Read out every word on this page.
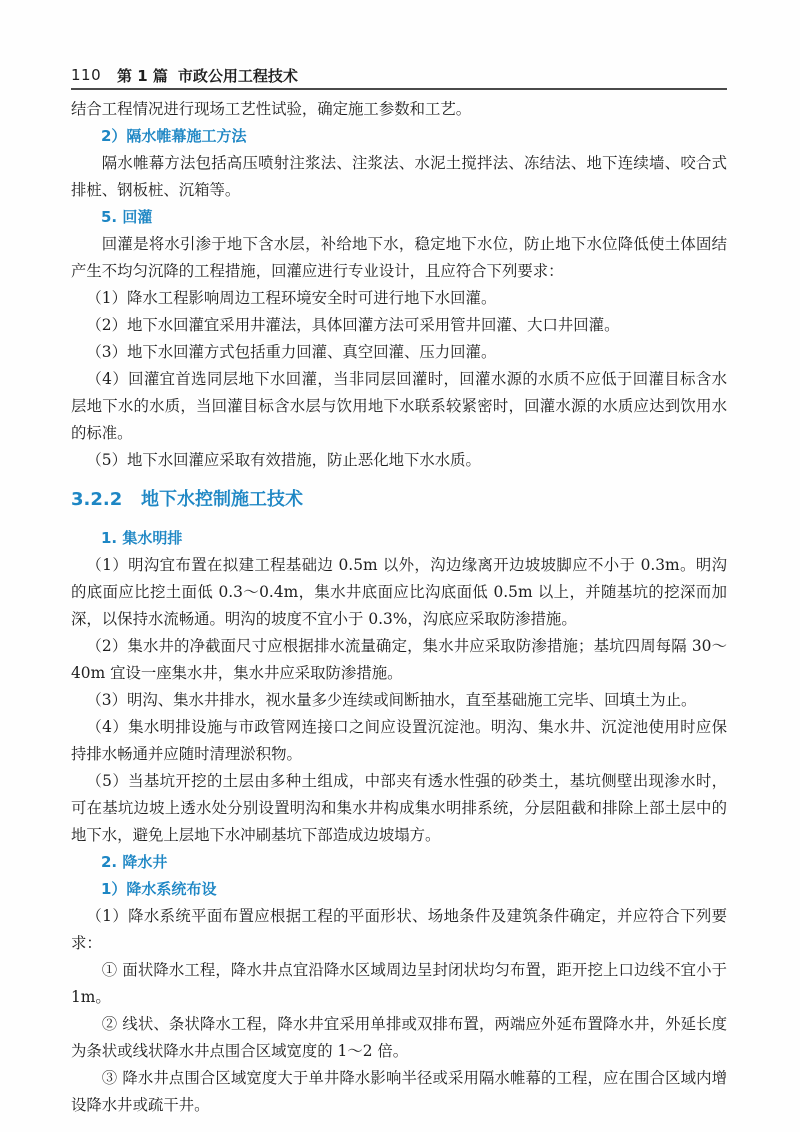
110	第 1 篇 市政公用工程技术

结合工程情况进行现场工艺性试验，确定施工参数和工艺。

2）隔水帷幕施工方法

隔水帷幕方法包括高压喷射注浆法、注浆法、水泥土搅拌法、冻结法、地下连续墙、咬合式排桩、钢板桩、沉箱等。

5. 回灌

回灌是将水引渗于地下含水层，补给地下水，稳定地下水位，防止地下水位降低使土体固结产生不均匀沉降的工程措施，回灌应进行专业设计，且应符合下列要求：

（1）降水工程影响周边工程环境安全时可进行地下水回灌。

（2）地下水回灌宜采用井灌法，具体回灌方法可采用管井回灌、大口井回灌。

（3）地下水回灌方式包括重力回灌、真空回灌、压力回灌。

（4）回灌宜首选同层地下水回灌，当非同层回灌时，回灌水源的水质不应低于回灌目标含水层地下水的水质，当回灌目标含水层与饮用地下水联系较紧密时，回灌水源的水质应达到饮用水的标准。

（5）地下水回灌应采取有效措施，防止恶化地下水水质。

3.2.2 地下水控制施工技术

1. 集水明排

（1）明沟宜布置在拟建工程基础边 0.5m 以外，沟边缘离开边坡坡脚应不小于 0.3m。明沟的底面应比挖土面低 0.3～0.4m，集水井底面应比沟底面低 0.5m 以上，并随基坑的挖深而加深，以保持水流畅通。明沟的坡度不宜小于 0.3%，沟底应采取防渗措施。

（2）集水井的净截面尺寸应根据排水流量确定，集水井应采取防渗措施；基坑四周每隔 30～40m 宜设一座集水井，集水井应采取防渗措施。

（3）明沟、集水井排水，视水量多少连续或间断抽水，直至基础施工完毕、回填土为止。

（4）集水明排设施与市政管网连接口之间应设置沉淀池。明沟、集水井、沉淀池使用时应保持排水畅通并应随时清理淤积物。

（5）当基坑开挖的土层由多种土组成，中部夹有透水性强的砂类土，基坑侧壁出现渗水时，可在基坑边坡上透水处分别设置明沟和集水井构成集水明排系统，分层阻截和排除上部土层中的地下水，避免上层地下水冲刷基坑下部造成边坡塌方。

2. 降水井

1）降水系统布设

（1）降水系统平面布置应根据工程的平面形状、场地条件及建筑条件确定，并应符合下列要求：

① 面状降水工程，降水井点宜沿降水区域周边呈封闭状均匀布置，距开挖上口边线不宜小于 1m。

② 线状、条状降水工程，降水井宜采用单排或双排布置，两端应外延布置降水井，外延长度为条状或线状降水井点围合区域宽度的 1～2 倍。

③ 降水井点围合区域宽度大于单井降水影响半径或采用隔水帷幕的工程，应在围合区域内增设降水井或疏干井。
